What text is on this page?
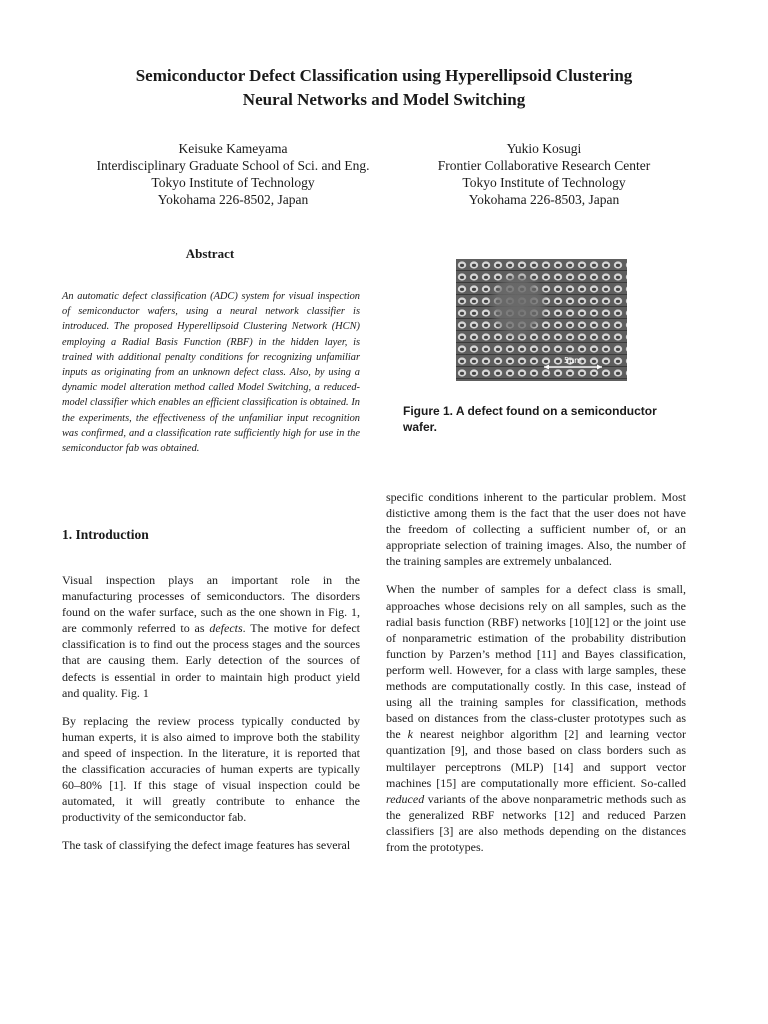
Semiconductor Defect Classification using Hyperellipsoid Clustering
Neural Networks and Model Switching
Keisuke Kameyama
Interdisciplinary Graduate School of Sci. and Eng.
Tokyo Institute of Technology
Yokohama 226-8502, Japan
Yukio Kosugi
Frontier Collaborative Research Center
Tokyo Institute of Technology
Yokohama 226-8503, Japan
Abstract
An automatic defect classification (ADC) system for visual inspection of semiconductor wafers, using a neural network classifier is introduced. The proposed Hyperellipsoid Clustering Network (HCN) employing a Radial Basis Function (RBF) in the hidden layer, is trained with additional penalty conditions for recognizing unfamiliar inputs as originating from an unknown defect class. Also, by using a dynamic model alteration method called Model Switching, a reduced-model classifier which enables an efficient classification is obtained. In the experiments, the effectiveness of the unfamiliar input recognition was confirmed, and a classification rate sufficiently high for use in the semiconductor fab was obtained.
5μm
Figure 1. A defect found on a semiconductor wafer.
1. Introduction

Visual inspection plays an important role in the manufacturing processes of semiconductors. The disorders found on the wafer surface, such as the one shown in Fig. 1, are commonly referred to as defects. The motive for defect classification is to find out the process stages and the sources that are causing them. Early detection of the sources of defects is essential in order to maintain high product yield and quality. Fig. 1

By replacing the review process typically conducted by human experts, it is also aimed to improve both the stability and speed of inspection. In the literature, it is reported that the classification accuracies of human experts are typically 60–80% [1]. If this stage of visual inspection could be automated, it will greatly contribute to enhance the productivity of the semiconductor fab.

The task of classifying the defect image features has several

specific conditions inherent to the particular problem. Most distictive among them is the fact that the user does not have the freedom of collecting a sufficient number of, or an appropriate selection of training images. Also, the number of the training samples are extremely unbalanced.

When the number of samples for a defect class is small, approaches whose decisions rely on all samples, such as the radial basis function (RBF) networks [10][12] or the joint use of nonparametric estimation of the probability distribution function by Parzen’s method [11] and Bayes classification, perform well. However, for a class with large samples, these methods are computationally costly. In this case, instead of using all the training samples for classification, methods based on distances from the class-cluster prototypes such as the k nearest neighbor algorithm [2] and learning vector quantization [9], and those based on class borders such as multilayer perceptrons (MLP) [14] and support vector machines [15] are computationally more efficient. So-called reduced variants of the above nonparametric methods such as the generalized RBF networks [12] and reduced Parzen classifiers [3] are also methods depending on the distances from the prototypes.
